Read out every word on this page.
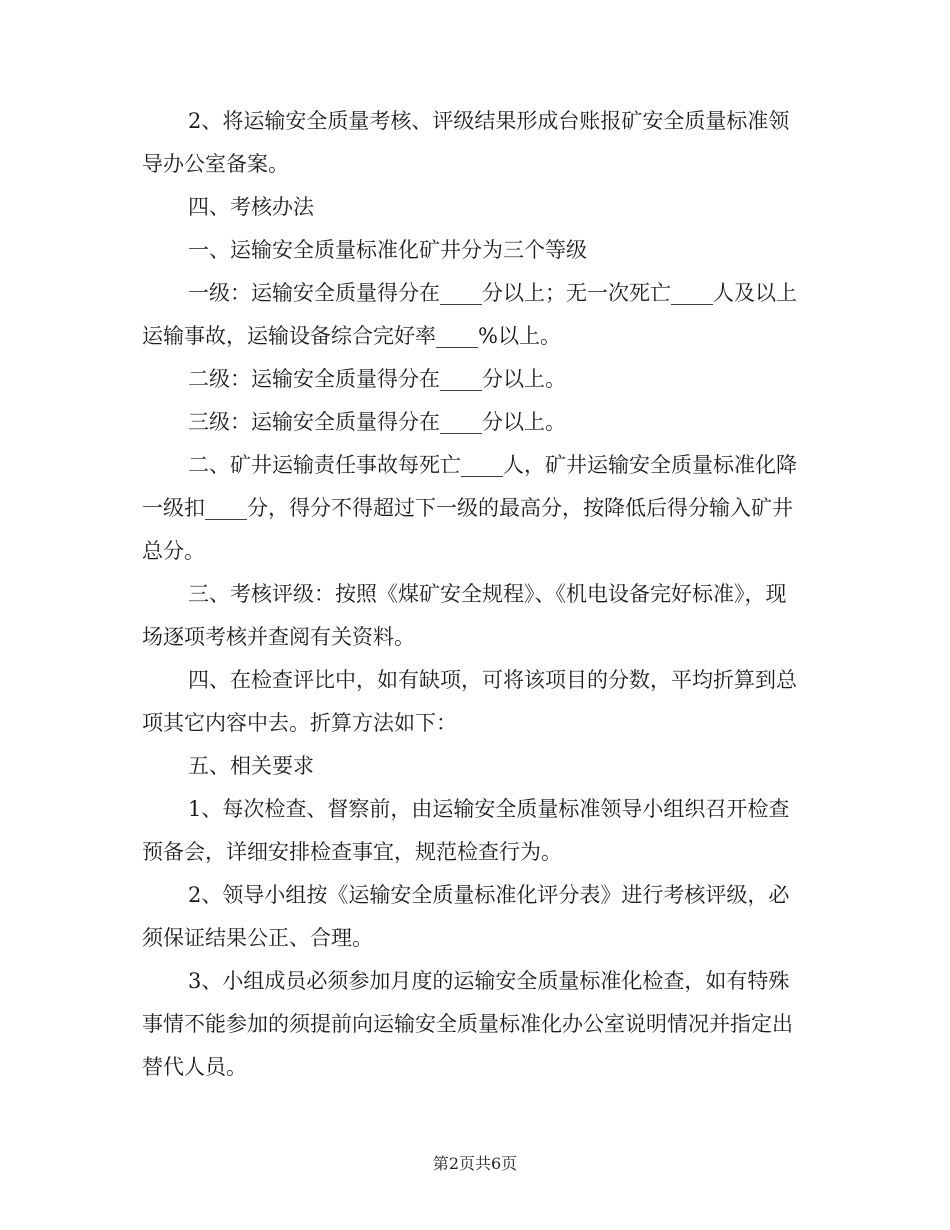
2、将运输安全质量考核、评级结果形成台账报矿安全质量标准领导办公室备案。

四、考核办法

一、运输安全质量标准化矿井分为三个等级

一级：运输安全质量得分在____分以上；无一次死亡____人及以上运输事故，运输设备综合完好率____%以上。

二级：运输安全质量得分在____分以上。

三级：运输安全质量得分在____分以上。

二、矿井运输责任事故每死亡____人，矿井运输安全质量标准化降一级扣____分，得分不得超过下一级的最高分，按降低后得分输入矿井总分。

三、考核评级：按照《煤矿安全规程》、《机电设备完好标准》，现场逐项考核并查阅有关资料。

四、在检查评比中，如有缺项，可将该项目的分数，平均折算到总项其它内容中去。折算方法如下：

五、相关要求

1、每次检查、督察前，由运输安全质量标准领导小组织召开检查预备会，详细安排检查事宜，规范检查行为。

2、领导小组按《运输安全质量标准化评分表》进行考核评级，必须保证结果公正、合理。

3、小组成员必须参加月度的运输安全质量标准化检查，如有特殊事情不能参加的须提前向运输安全质量标准化办公室说明情况并指定出替代人员。

第2页共6页
